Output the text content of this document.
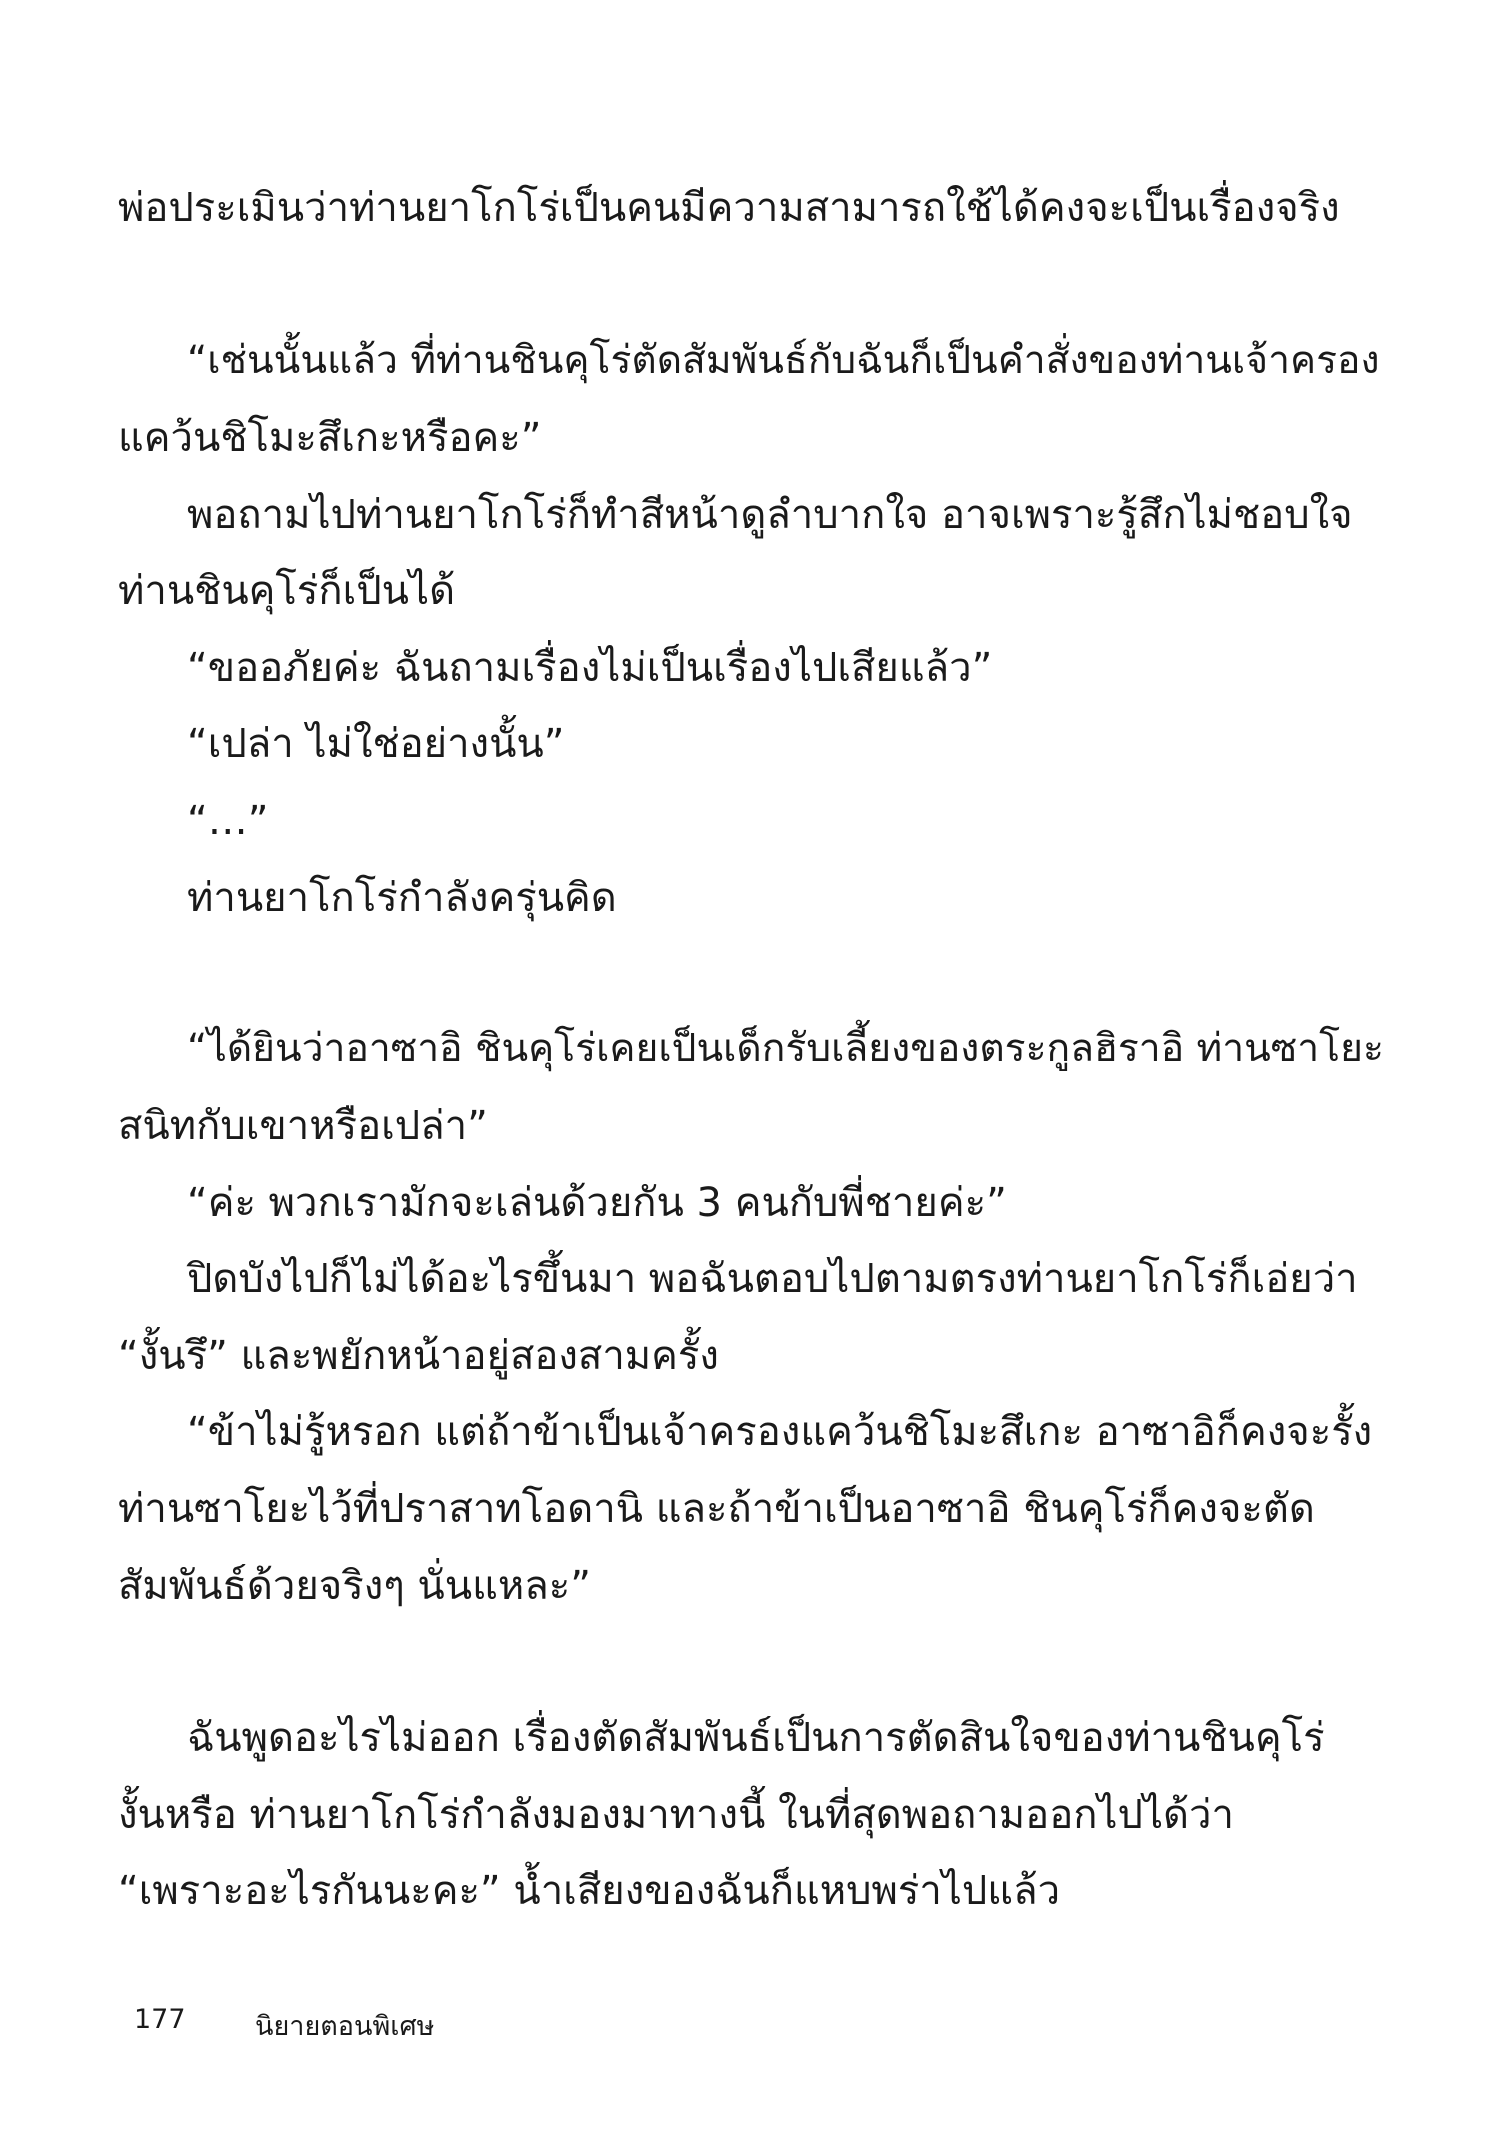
พ่อประเมินว่าท่านยาโกโร่เป็นคนมีความสามารถใช้ได้คงจะเป็นเรื่องจริง
“เช่นนั้นแล้ว ที่ท่านชินคุโร่ตัดสัมพันธ์กับฉันก็เป็นคำสั่งของท่านเจ้าครอง
แคว้นชิโมะสึเกะหรือคะ”
พอถามไปท่านยาโกโร่ก็ทำสีหน้าดูลำบากใจ อาจเพราะรู้สึกไม่ชอบใจ
ท่านชินคุโร่ก็เป็นได้
“ขออภัยค่ะ ฉันถามเรื่องไม่เป็นเรื่องไปเสียแล้ว”
“เปล่า ไม่ใช่อย่างนั้น”
“…”
ท่านยาโกโร่กำลังครุ่นคิด
“ได้ยินว่าอาซาอิ ชินคุโร่เคยเป็นเด็กรับเลี้ยงของตระกูลฮิราอิ ท่านซาโยะ
สนิทกับเขาหรือเปล่า”
“ค่ะ พวกเรามักจะเล่นด้วยกัน 3 คนกับพี่ชายค่ะ”
ปิดบังไปก็ไม่ได้อะไรขึ้นมา พอฉันตอบไปตามตรงท่านยาโกโร่ก็เอ่ยว่า
“งั้นรึ” และพยักหน้าอยู่สองสามครั้ง
“ข้าไม่รู้หรอก แต่ถ้าข้าเป็นเจ้าครองแคว้นชิโมะสึเกะ อาซาอิก็คงจะรั้ง
ท่านซาโยะไว้ที่ปราสาทโอดานิ และถ้าข้าเป็นอาซาอิ ชินคุโร่ก็คงจะตัด
สัมพันธ์ด้วยจริงๆ นั่นแหละ”
ฉันพูดอะไรไม่ออก เรื่องตัดสัมพันธ์เป็นการตัดสินใจของท่านชินคุโร่
งั้นหรือ ท่านยาโกโร่กำลังมองมาทางนี้ ในที่สุดพอถามออกไปได้ว่า
“เพราะอะไรกันนะคะ” น้ำเสียงของฉันก็แหบพร่าไปแล้ว
177	นิยายตอนพิเศษ
